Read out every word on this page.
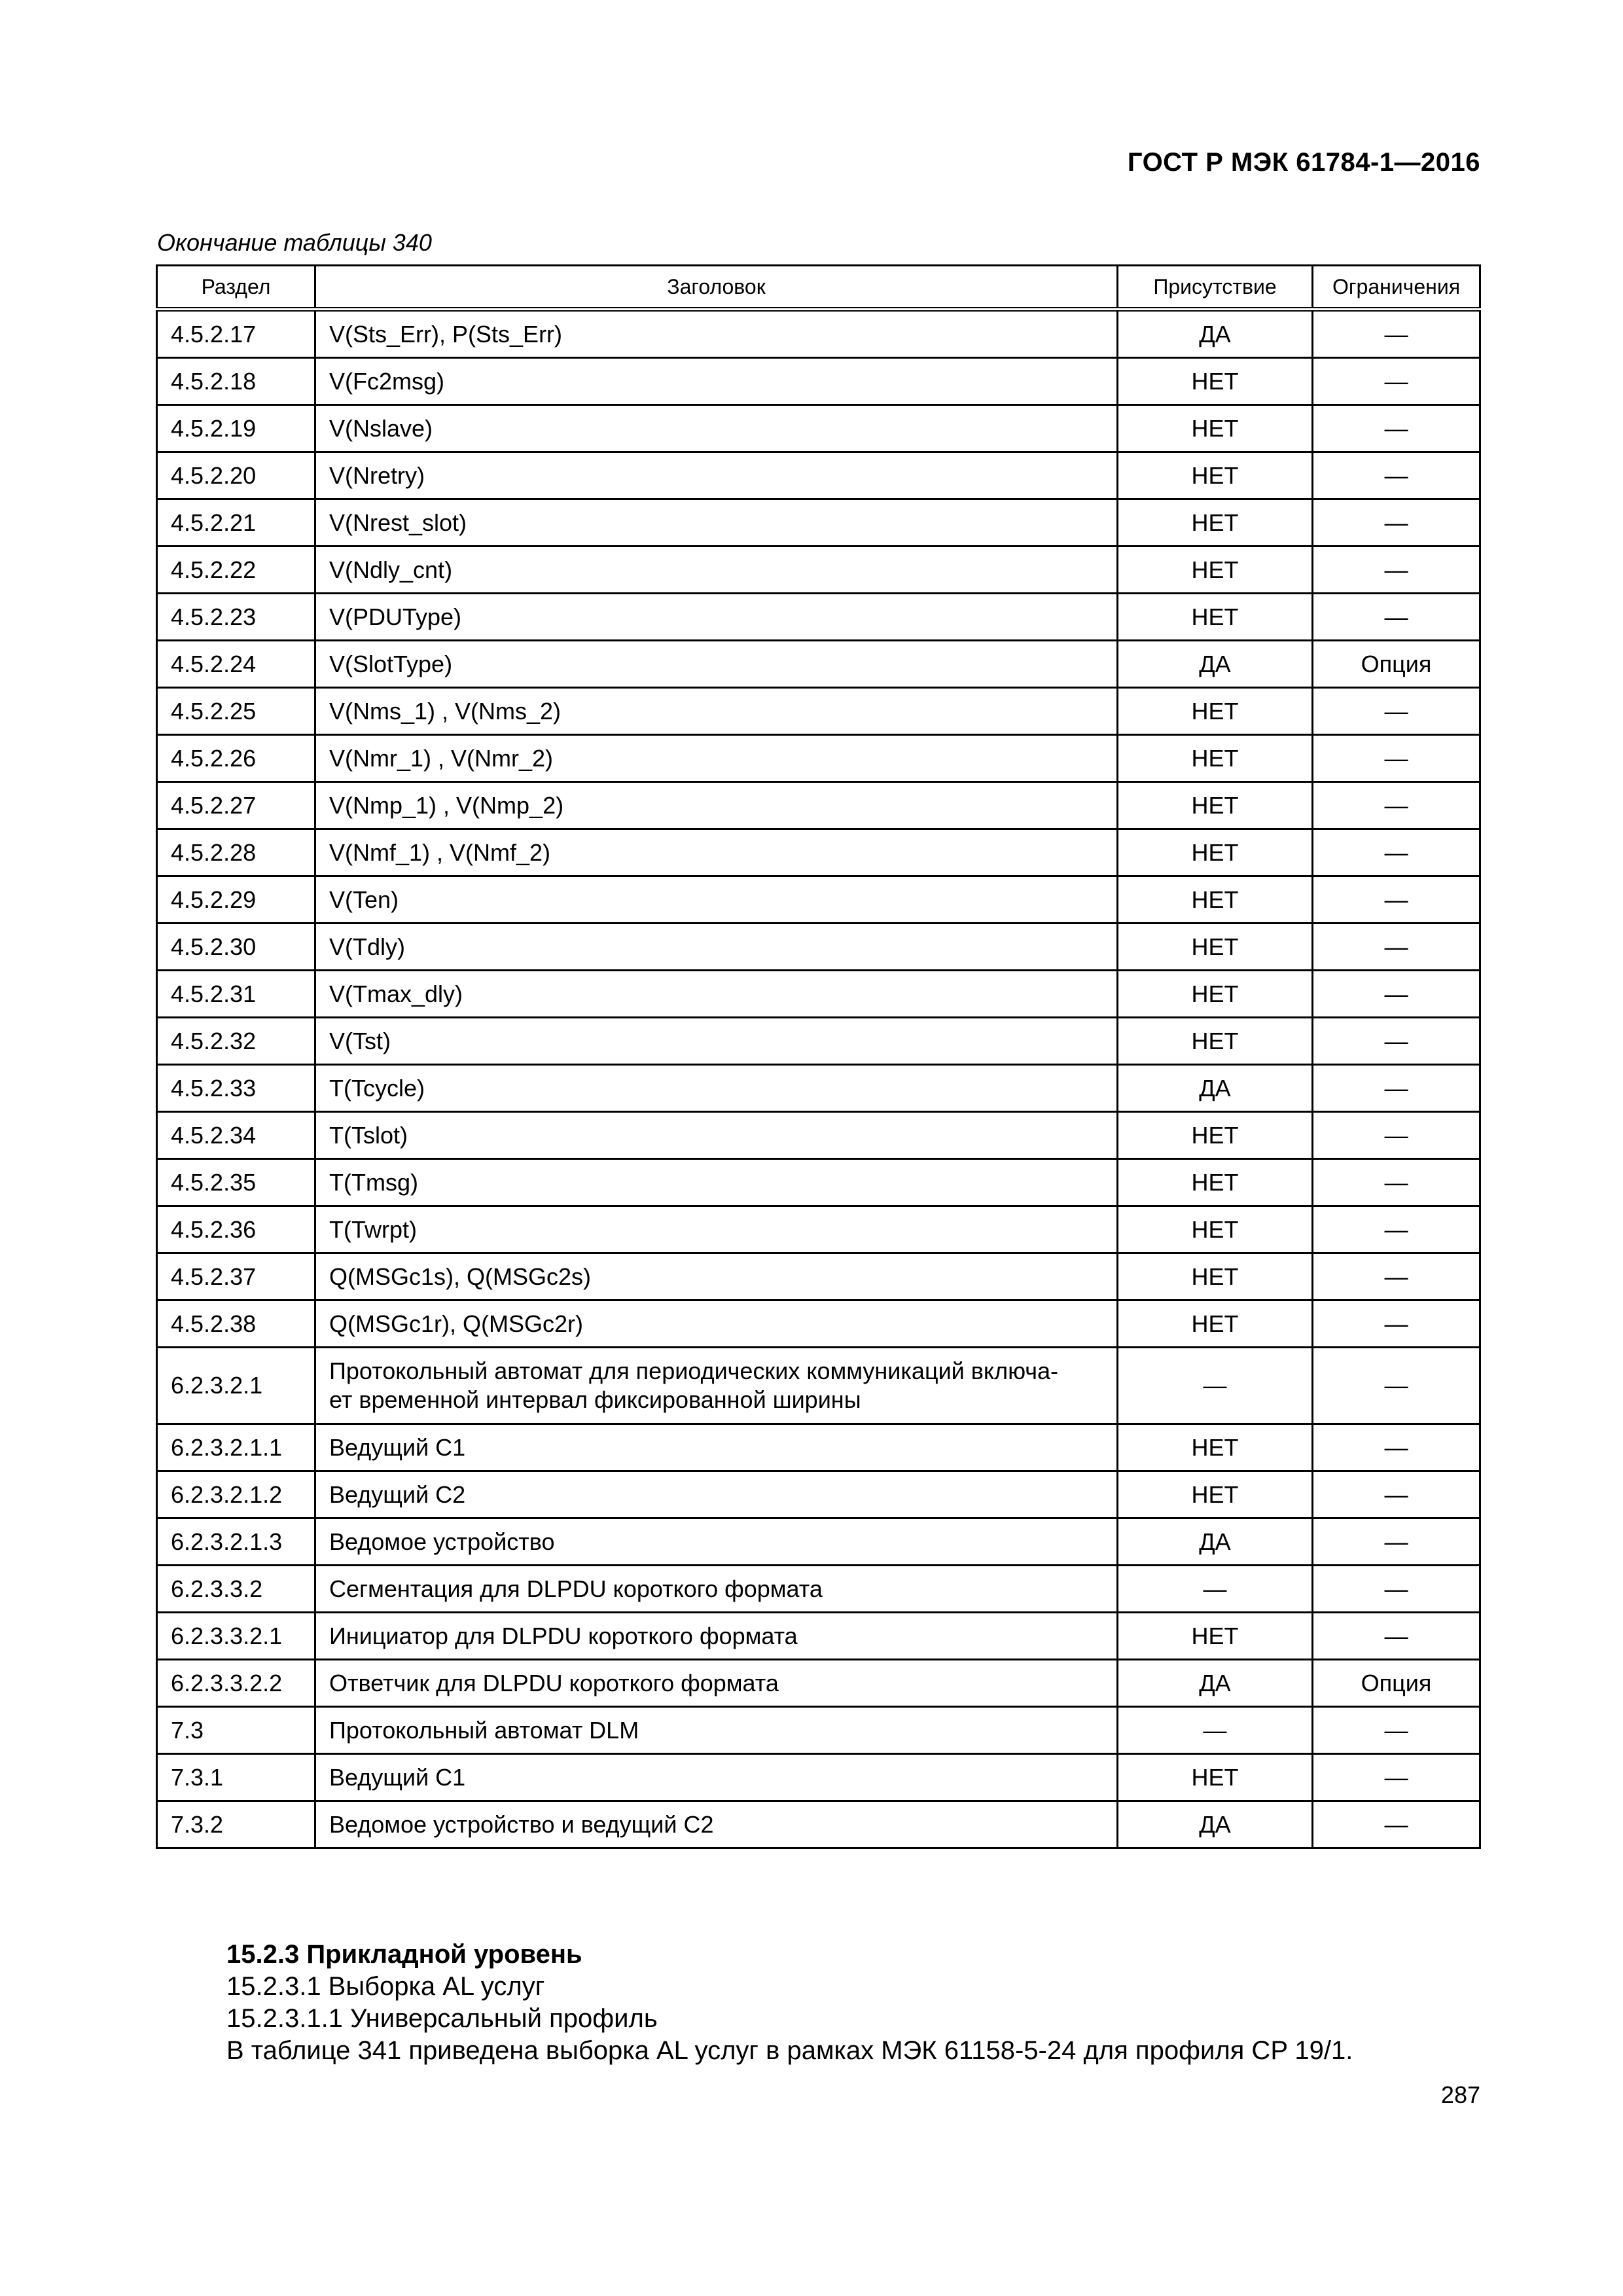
ГОСТ Р МЭК 61784-1—2016
Окончание таблицы 340
Раздел	Заголовок	Присутствие	Ограничения
4.5.2.17	V(Sts_Err), P(Sts_Err)	ДА	—
4.5.2.18	V(Fc2msg)	НЕТ	—
4.5.2.19	V(Nslave)	НЕТ	—
4.5.2.20	V(Nretry)	НЕТ	—
4.5.2.21	V(Nrest_slot)	НЕТ	—
4.5.2.22	V(Ndly_cnt)	НЕТ	—
4.5.2.23	V(PDUType)	НЕТ	—
4.5.2.24	V(SlotType)	ДА	Опция
4.5.2.25	V(Nms_1) , V(Nms_2)	НЕТ	—
4.5.2.26	V(Nmr_1) , V(Nmr_2)	НЕТ	—
4.5.2.27	V(Nmp_1) , V(Nmp_2)	НЕТ	—
4.5.2.28	V(Nmf_1) , V(Nmf_2)	НЕТ	—
4.5.2.29	V(Ten)	НЕТ	—
4.5.2.30	V(Tdly)	НЕТ	—
4.5.2.31	V(Tmax_dly)	НЕТ	—
4.5.2.32	V(Tst)	НЕТ	—
4.5.2.33	T(Tcycle)	ДА	—
4.5.2.34	T(Tslot)	НЕТ	—
4.5.2.35	T(Tmsg)	НЕТ	—
4.5.2.36	T(Twrpt)	НЕТ	—
4.5.2.37	Q(MSGc1s), Q(MSGc2s)	НЕТ	—
4.5.2.38	Q(MSGc1r), Q(MSGc2r)	НЕТ	—
6.2.3.2.1	Протокольный автомат для периодических коммуникаций включа-
ет временной интервал фиксированной ширины	—	—
6.2.3.2.1.1	Ведущий С1	НЕТ	—
6.2.3.2.1.2	Ведущий С2	НЕТ	—
6.2.3.2.1.3	Ведомое устройство	ДА	—
6.2.3.3.2	Сегментация для DLPDU короткого формата	—	—
6.2.3.3.2.1	Инициатор для DLPDU короткого формата	НЕТ	—
6.2.3.3.2.2	Ответчик для DLPDU короткого формата	ДА	Опция
7.3	Протокольный автомат DLM	—	—
7.3.1	Ведущий С1	НЕТ	—
7.3.2	Ведомое устройство и ведущий С2	ДА	—
15.2.3 Прикладной уровень
15.2.3.1 Выборка AL услуг
15.2.3.1.1 Универсальный профиль
В таблице 341 приведена выборка AL услуг в рамках МЭК 61158-5-24 для профиля CP 19/1.
287
